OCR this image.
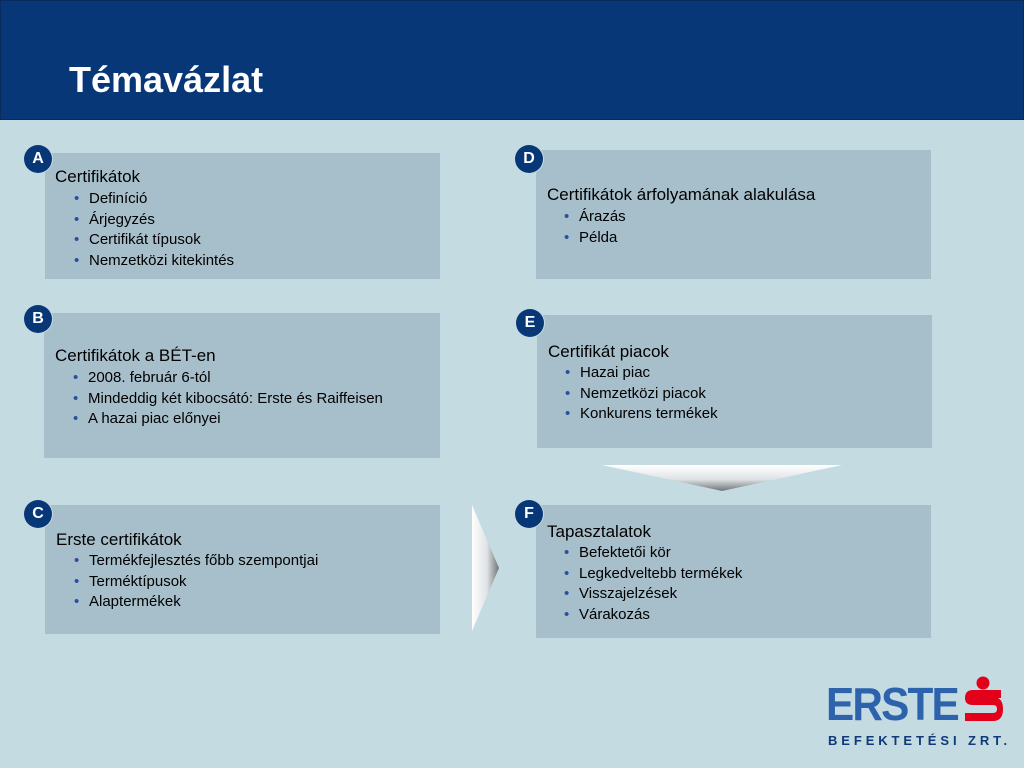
Témavázlat
Certifikátok
• Definíció
• Árjegyzés
• Certifikát típusok
• Nemzetközi kitekintés
A
Certifikátok a BÉT-en
• 2008. február 6-tól
• Mindeddig két kibocsátó: Erste és Raiffeisen
• A hazai piac előnyei
B
Erste certifikátok
• Termékfejlesztés főbb szempontjai
• Terméktípusok
• Alaptermékek
C
Certifikátok árfolyamának alakulása
• Árazás
• Példa
D
Certifikát piacok
• Hazai piac
• Nemzetközi piacok
• Konkurens termékek
E
Tapasztalatok
• Befektetői kör
• Legkedveltebb termékek
• Visszajelzések
• Várakozás
F
ERSTE
BEFEKTETÉSI ZRT.
